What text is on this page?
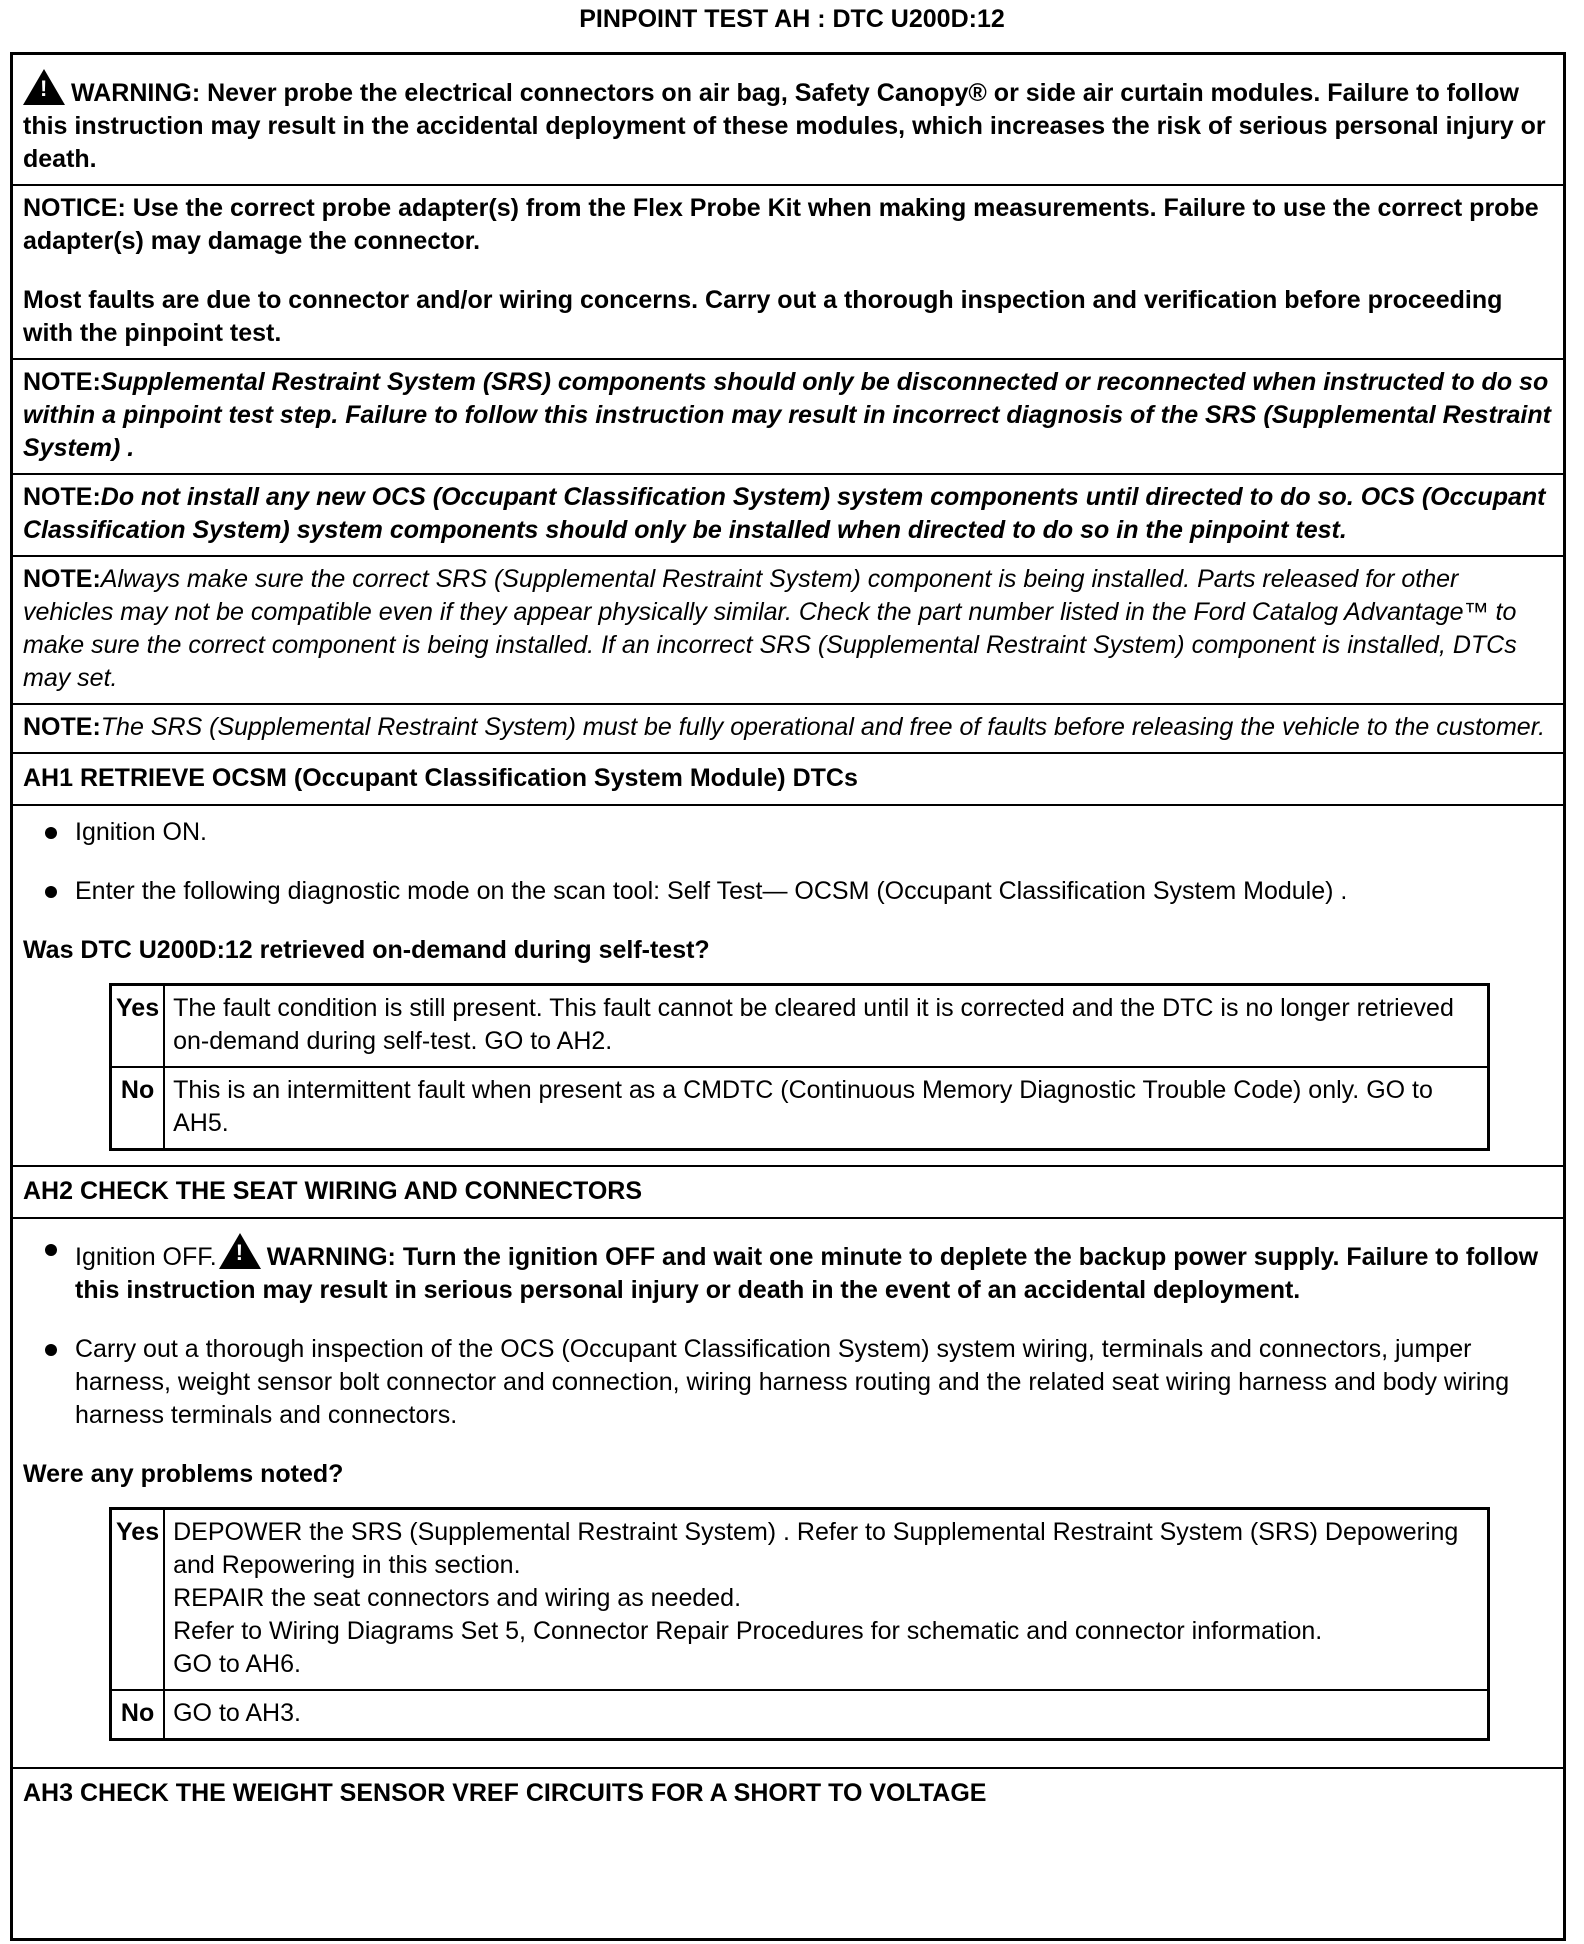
PINPOINT TEST AH : DTC U200D:12

!WARNING: Never probe the electrical connectors on air bag, Safety Canopy® or side air curtain modules. Failure to follow this instruction may result in the accidental deployment of these modules, which increases the risk of serious personal injury or death.

NOTICE: Use the correct probe adapter(s) from the Flex Probe Kit when making measurements. Failure to use the correct probe adapter(s) may damage the connector.

Most faults are due to connector and/or wiring concerns. Carry out a thorough inspection and verification before proceeding with the pinpoint test.

NOTE:Supplemental Restraint System (SRS) components should only be disconnected or reconnected when instructed to do so within a pinpoint test step. Failure to follow this instruction may result in incorrect diagnosis of the SRS (Supplemental Restraint System) .
NOTE:Do not install any new OCS (Occupant Classification System) system components until directed to do so. OCS (Occupant Classification System) system components should only be installed when directed to do so in the pinpoint test.
NOTE:Always make sure the correct SRS (Supplemental Restraint System) component is being installed. Parts released for other vehicles may not be compatible even if they appear physically similar. Check the part number listed in the Ford Catalog Advantage™ to make sure the correct component is being installed. If an incorrect SRS (Supplemental Restraint System) component is installed, DTCs may set.
NOTE:The SRS (Supplemental Restraint System) must be fully operational and free of faults before releasing the vehicle to the customer.
AH1 RETRIEVE OCSM (Occupant Classification System Module) DTCs
Ignition ON.
Enter the following diagnostic mode on the scan tool: Self Test— OCSM (Occupant Classification System Module) .
Was DTC U200D:12 retrieved on-demand during self-test?
Yes	The fault condition is still present. This fault cannot be cleared until it is corrected and the DTC is no longer retrieved on-demand during self-test. GO to AH2.
No	This is an intermittent fault when present as a CMDTC (Continuous Memory Diagnostic Trouble Code) only. GO to AH5.
AH2 CHECK THE SEAT WIRING AND CONNECTORS
Ignition OFF. ! WARNING: Turn the ignition OFF and wait one minute to deplete the backup power supply. Failure to follow this instruction may result in serious personal injury or death in the event of an accidental deployment.
Carry out a thorough inspection of the OCS (Occupant Classification System) system wiring, terminals and connectors, jumper harness, weight sensor bolt connector and connection, wiring harness routing and the related seat wiring harness and body wiring harness terminals and connectors.
Were any problems noted?
Yes	DEPOWER the SRS (Supplemental Restraint System) . Refer to Supplemental Restraint System (SRS) Depowering and Repowering in this section.
REPAIR the seat connectors and wiring as needed.
Refer to Wiring Diagrams Set 5, Connector Repair Procedures for schematic and connector information.
GO to AH6.

No	GO to AH3.
AH3 CHECK THE WEIGHT SENSOR VREF CIRCUITS FOR A SHORT TO VOLTAGE
